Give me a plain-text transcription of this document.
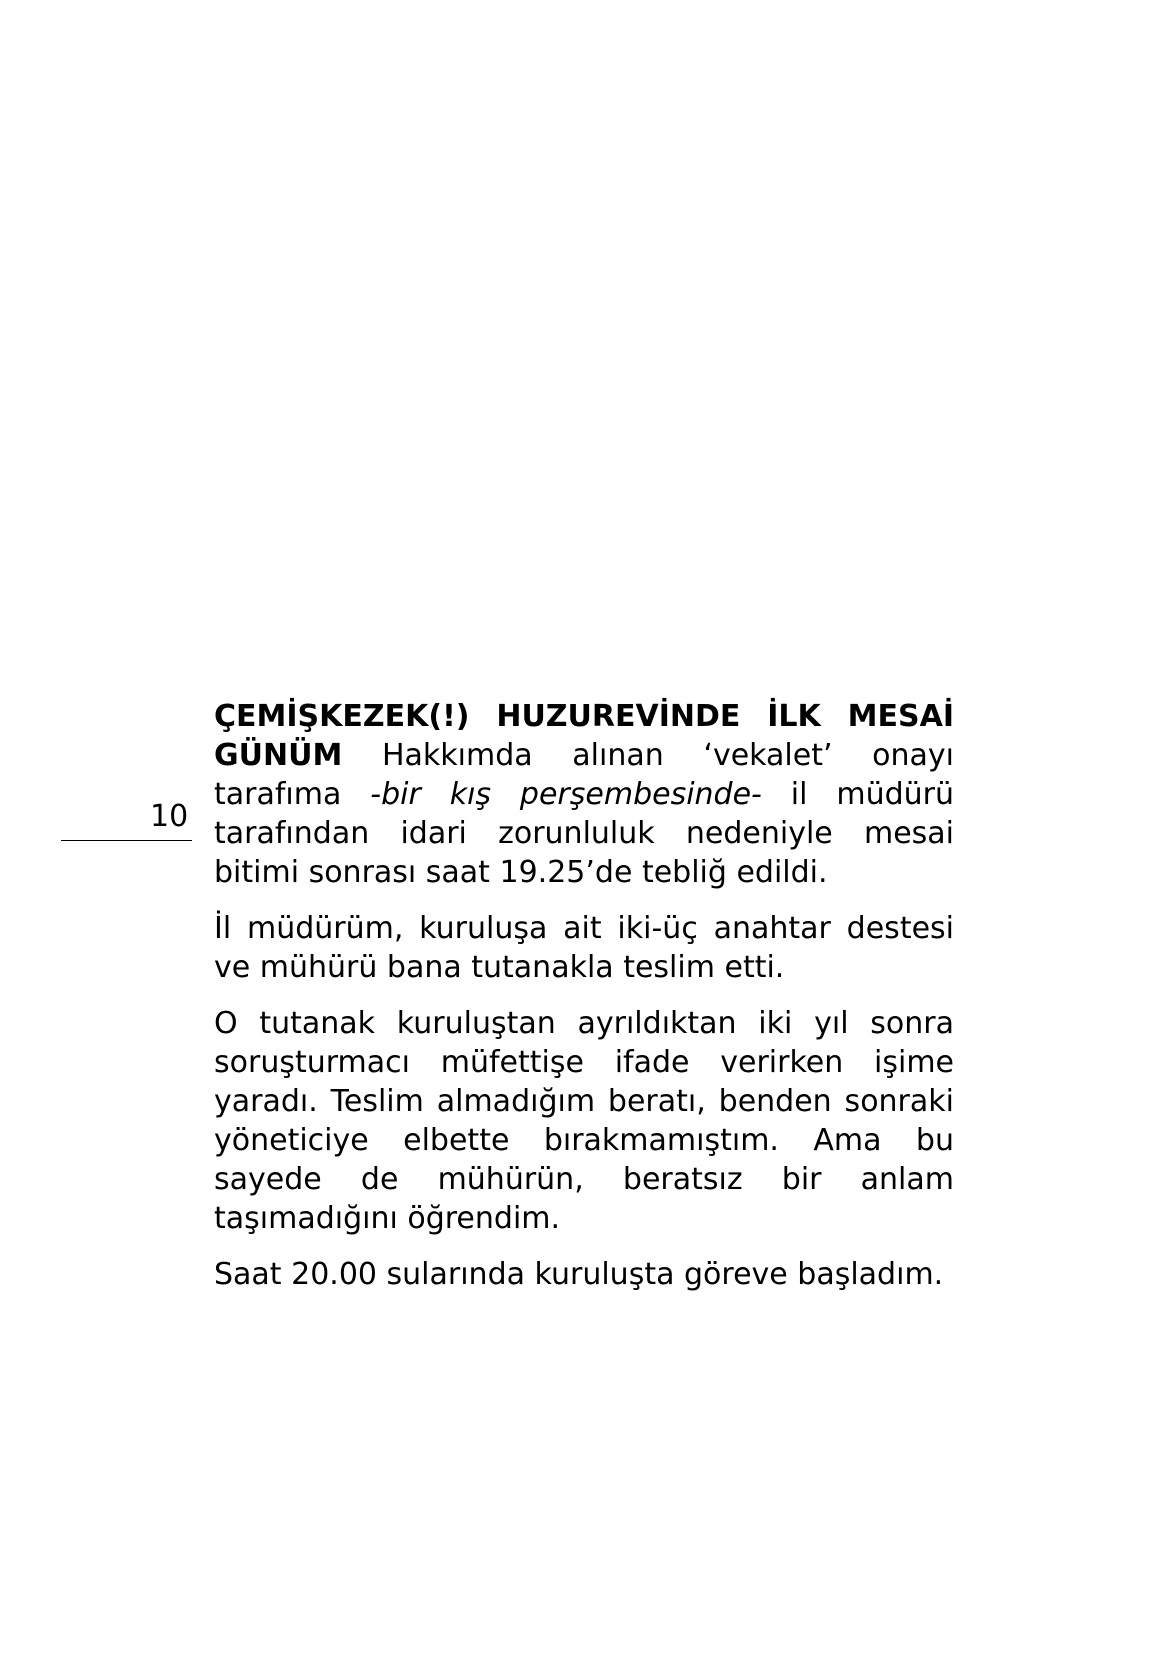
10

ÇEMİŞKEZEK(!) HUZUREVİNDE İLK MESAİ GÜNÜM Hakkımda alınan ‘vekalet’ onayı tarafıma -bir kış perşembesinde- il müdürü tarafından idari zorunluluk nedeniyle mesai bitimi sonrası saat 19.25’de tebliğ edildi.

İl müdürüm, kuruluşa ait iki-üç anahtar destesi ve mühürü bana tutanakla teslim etti.

O tutanak kuruluştan ayrıldıktan iki yıl sonra soruşturmacı müfettişe ifade verirken işime yaradı. Teslim almadığım beratı, benden sonraki yöneticiye elbette bırakmamıştım. Ama bu sayede de mühürün, beratsız bir anlam taşımadığını öğrendim.

Saat 20.00 sularında kuruluşta göreve başladım.
